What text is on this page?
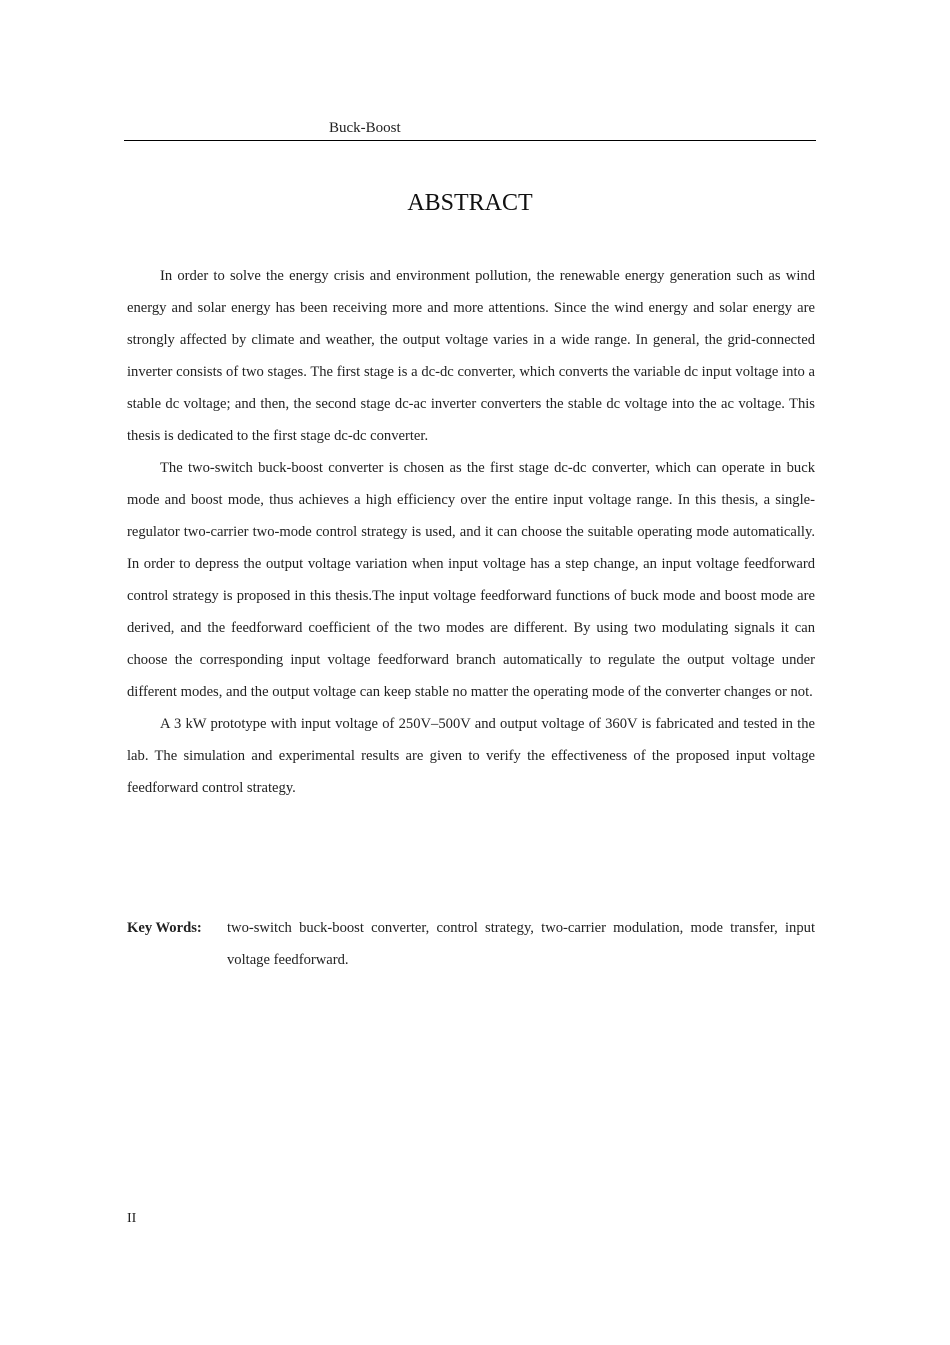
Buck-Boost
ABSTRACT

In order to solve the energy crisis and environment pollution, the renewable energy generation such as wind energy and solar energy has been receiving more and more attentions. Since the wind energy and solar energy are strongly affected by climate and weather, the output voltage varies in a wide range. In general, the grid-connected inverter consists of two stages. The first stage is a dc-dc converter, which converts the variable dc input voltage into a stable dc voltage; and then, the second stage dc-ac inverter converters the stable dc voltage into the ac voltage. This thesis is dedicated to the first stage dc-dc converter.

The two-switch buck-boost converter is chosen as the first stage dc-dc converter, which can operate in buck mode and boost mode, thus achieves a high efficiency over the entire input voltage range. In this thesis, a single-regulator two-carrier two-mode control strategy is used, and it can choose the suitable operating mode automatically. In order to depress the output voltage variation when input voltage has a step change, an input voltage feedforward control strategy is proposed in this thesis.The input voltage feedforward functions of buck mode and boost mode are derived, and the feedforward coefficient of the two modes are different. By using two modulating signals it can choose the corresponding input voltage feedforward branch automatically to regulate the output voltage under different modes, and the output voltage can keep stable no matter the operating mode of the converter changes or not.

A 3 kW prototype with input voltage of 250V–500V and output voltage of 360V is fabricated and tested in the lab. The simulation and experimental results are given to verify the effectiveness of the proposed input voltage feedforward control strategy.

Key Words:	two-switch buck-boost converter, control strategy, two-carrier modulation, mode transfer, input voltage feedforward.
II
